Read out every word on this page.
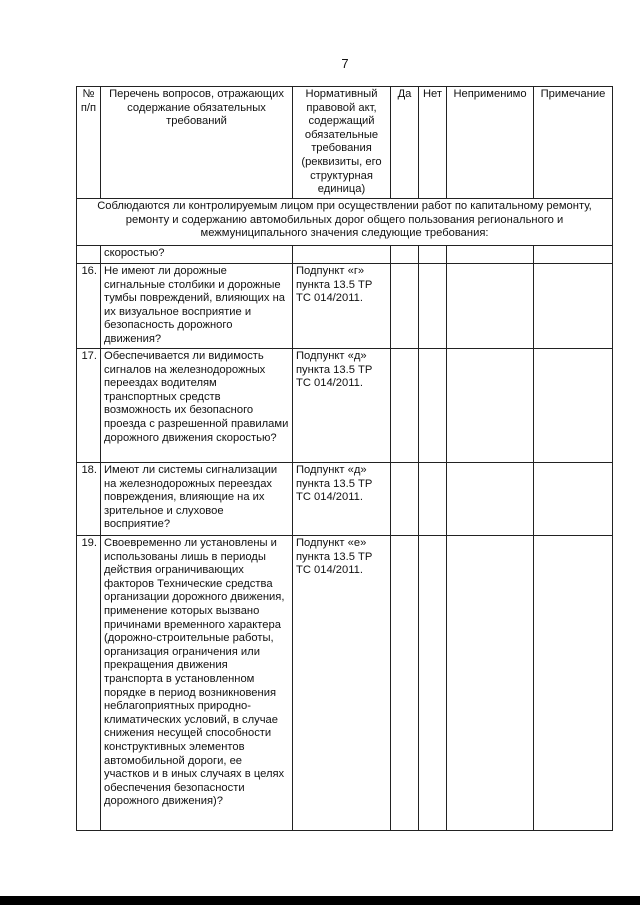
7
№ п/п	Перечень вопросов, отражающих содержание обязательных требований	Нормативный правовой акт, содержащий обязательные требования (реквизиты, его структурная единица)	Да	Нет	Неприменимо	Примечание
Соблюдаются ли контролируемым лицом при осуществлении работ по капитальному ремонту, ремонту и содержанию автомобильных дорог общего пользования регионального и межмуниципального значения следующие требования:						
	скоростью?					
16.	Не имеют ли дорожные сигнальные столбики и дорожные тумбы повреждений, влияющих на их визуальное восприятие и безопасность дорожного движения?	Подпункт «г» пункта 13.5 ТР ТС 014/2011.				
17.	Обеспечивается ли видимость сигналов на железнодорожных переездах водителям транспортных средств возможность их безопасного проезда с разрешенной правилами дорожного движения скоростью?	Подпункт «д» пункта 13.5 ТР ТС 014/2011.				
18.	Имеют ли системы сигнализации на железнодорожных переездах повреждения, влияющие на их зрительное и слуховое восприятие?	Подпункт «д» пункта 13.5 ТР ТС 014/2011.				
19.	Своевременно ли установлены и использованы лишь в периоды действия ограничивающих факторов Технические средства организации дорожного движения, применение которых вызвано причинами временного характера (дорожно-строительные работы, организация ограничения или прекращения движения транспорта в установленном порядке в период возникновения неблагоприятных природно-климатических условий, в случае снижения несущей способности конструктивных элементов автомобильной дороги, ее участков и в иных случаях в целях обеспечения безопасности дорожного движения)?	Подпункт «е» пункта 13.5 ТР ТС 014/2011.				
